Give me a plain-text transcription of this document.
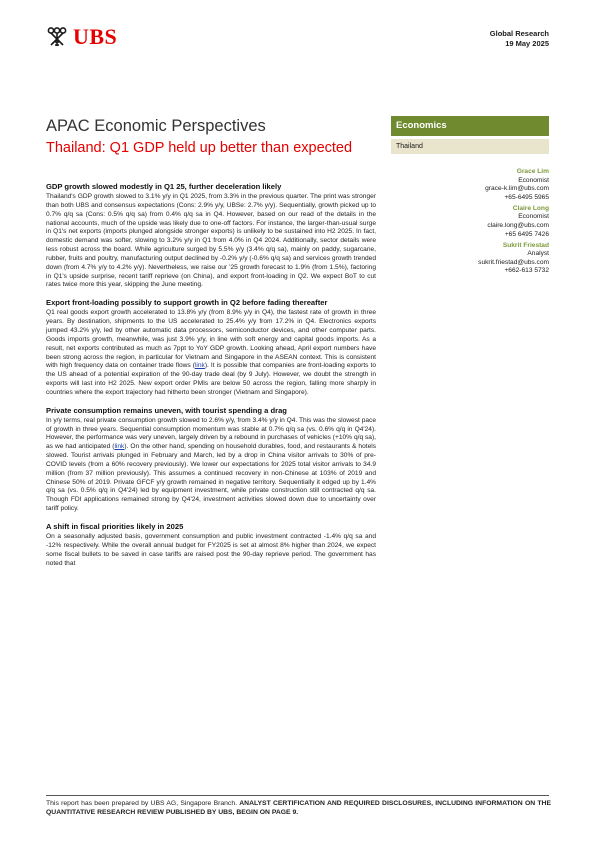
UBS	Global Research
19 May 2025
APAC Economic Perspectives
Thailand: Q1 GDP held up better than expected
Economics
Thailand
Grace Lim
Economist
grace-k.lim@ubs.com
+65-6495 5965
Claire Long
Economist
claire.long@ubs.com
+65 6495 7426
Sukrit Friestad
Analyst
sukrit.friestad@ubs.com
+662-613 5732
GDP growth slowed modestly in Q1 25, further deceleration likely

Thailand's GDP growth slowed to 3.1% y/y in Q1 2025, from 3.3% in the previous quarter. The print was stronger than both UBS and consensus expectations (Cons: 2.9% y/y, UBSe: 2.7% y/y). Sequentially, growth picked up to 0.7% q/q sa (Cons: 0.5% q/q sa) from 0.4% q/q sa in Q4. However, based on our read of the details in the national accounts, much of the upside was likely due to one-off factors. For instance, the larger-than-usual surge in Q1's net exports (imports plunged alongside stronger exports) is unlikely to be sustained into H2 2025. In fact, domestic demand was softer, slowing to 3.2% y/y in Q1 from 4.0% in Q4 2024. Additionally, sector details were less robust across the board. While agriculture surged by 5.5% y/y (3.4% q/q sa), mainly on paddy, sugarcane, rubber, fruits and poultry, manufacturing output declined by -0.2% y/y (-0.6% q/q sa) and services growth trended down (from 4.7% y/y to 4.2% y/y). Nevertheless, we raise our '25 growth forecast to 1.9% (from 1.5%), factoring in Q1's upside surprise, recent tariff reprieve (on China), and export front-loading in Q2. We expect BoT to cut rates twice more this year, skipping the June meeting.

Export front-loading possibly to support growth in Q2 before fading thereafter

Q1 real goods export growth accelerated to 13.8% y/y (from 8.9% y/y in Q4), the fastest rate of growth in three years. By destination, shipments to the US accelerated to 25.4% y/y from 17.2% in Q4. Electronics exports jumped 43.2% y/y, led by other automatic data processors, semiconductor devices, and other computer parts. Goods imports growth, meanwhile, was just 3.9% y/y, in line with soft energy and capital goods imports. As a result, net exports contributed as much as 7ppt to YoY GDP growth. Looking ahead, April export numbers have been strong across the region, in particular for Vietnam and Singapore in the ASEAN context. This is consistent with high frequency data on container trade flows (link). It is possible that companies are front-loading exports to the US ahead of a potential expiration of the 90-day trade deal (by 9 July). However, we doubt the strength in exports will last into H2 2025. New export order PMIs are below 50 across the region, falling more sharply in countries where the export trajectory had hitherto been stronger (Vietnam and Singapore).

Private consumption remains uneven, with tourist spending a drag

In y/y terms, real private consumption growth slowed to 2.6% y/y, from 3.4% y/y in Q4. This was the slowest pace of growth in three years. Sequential consumption momentum was stable at 0.7% q/q sa (vs. 0.6% q/q in Q4'24). However, the performance was very uneven, largely driven by a rebound in purchases of vehicles (+10% q/q sa), as we had anticipated (link). On the other hand, spending on household durables, food, and restaurants & hotels slowed. Tourist arrivals plunged in February and March, led by a drop in China visitor arrivals to 30% of pre-COVID levels (from a 60% recovery previously). We lower our expectations for 2025 total visitor arrivals to 34.9 million (from 37 million previously). This assumes a continued recovery in non-Chinese at 103% of 2019 and Chinese 50% of 2019. Private GFCF y/y growth remained in negative territory. Sequentially it edged up by 1.4% q/q sa (vs. 0.5% q/q in Q4'24) led by equipment investment, while private construction still contracted q/q sa. Though FDI applications remained strong by Q4'24, investment activities slowed down due to uncertainty over tariff policy.

A shift in fiscal priorities likely in 2025

On a seasonally adjusted basis, government consumption and public investment contracted -1.4% q/q sa and -12% respectively. While the overall annual budget for FY2025 is set at almost 8% higher than 2024, we expect some fiscal bullets to be saved in case tariffs are raised post the 90-day reprieve period. The government has noted that

This report has been prepared by UBS AG, Singapore Branch. ANALYST CERTIFICATION AND REQUIRED DISCLOSURES, INCLUDING INFORMATION ON THE QUANTITATIVE RESEARCH REVIEW PUBLISHED BY UBS, BEGIN ON PAGE 9.
